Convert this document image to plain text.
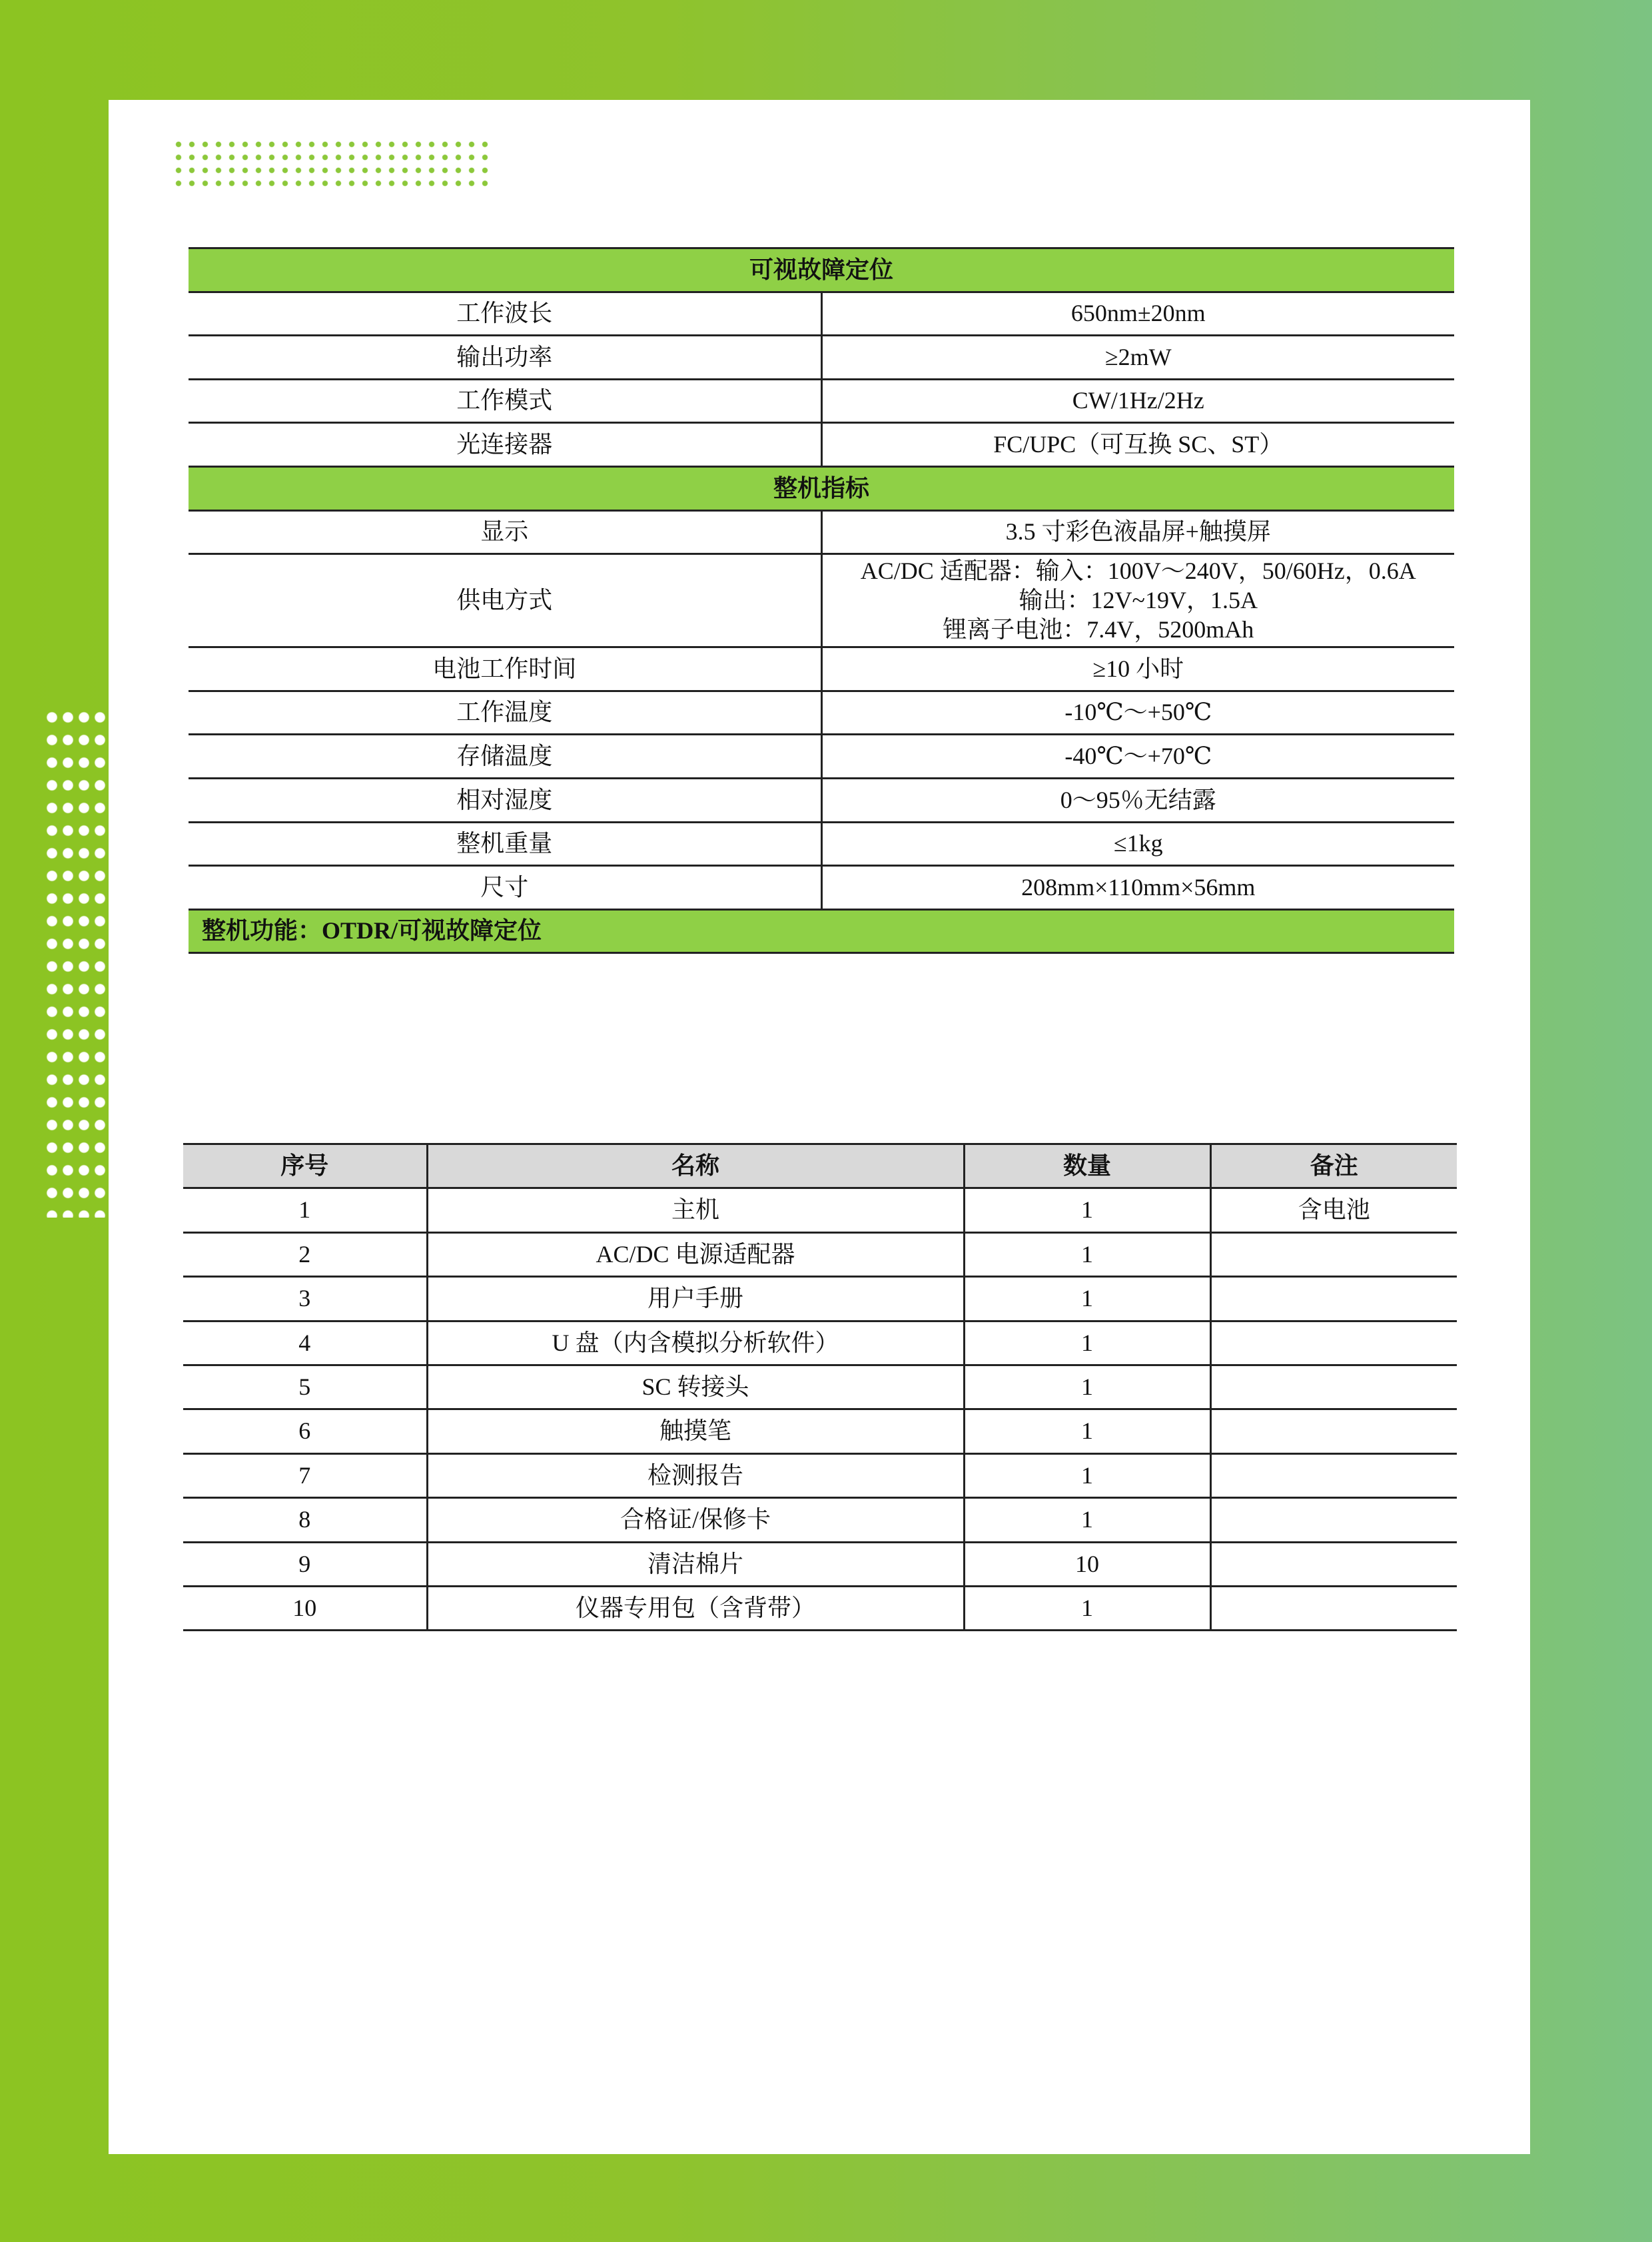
可视故障定位	
工作波长	650nm±20nm
输出功率	≥2mW
工作模式	CW/1Hz/2Hz
光连接器	FC/UPC（可互换 SC、ST）
整机指标	
显示	3.5 寸彩色液晶屏+触摸屏
供电方式	AC/DC 适配器：输入：100V～240V，50/60Hz，0.6A
输出：12V~19V，1.5A
锂离子电池：7.4V，5200mAh

电池工作时间	≥10 小时
工作温度	-10℃～+50℃
存储温度	-40℃～+70℃
相对湿度	0～95％无结露
整机重量	≤1kg
尺寸	208mm×110mm×56mm
整机功能：OTDR/可视故障定位	
序号	名称	数量	备注
1	主机	1	含电池
2	AC/DC 电源适配器	1	
3	用户手册	1	
4	U 盘（内含模拟分析软件）	1	
5	SC 转接头	1	
6	触摸笔	1	
7	检测报告	1	
8	合格证/保修卡	1	
9	清洁棉片	10	
10	仪器专用包（含背带）	1	
